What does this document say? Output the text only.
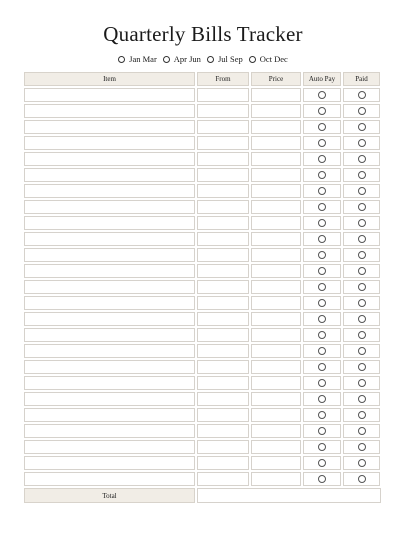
Quarterly Bills Tracker
Jan Mar Apr Jun Jul Sep Oct Dec
Item	From	Price	Auto Pay	Paid
Total
